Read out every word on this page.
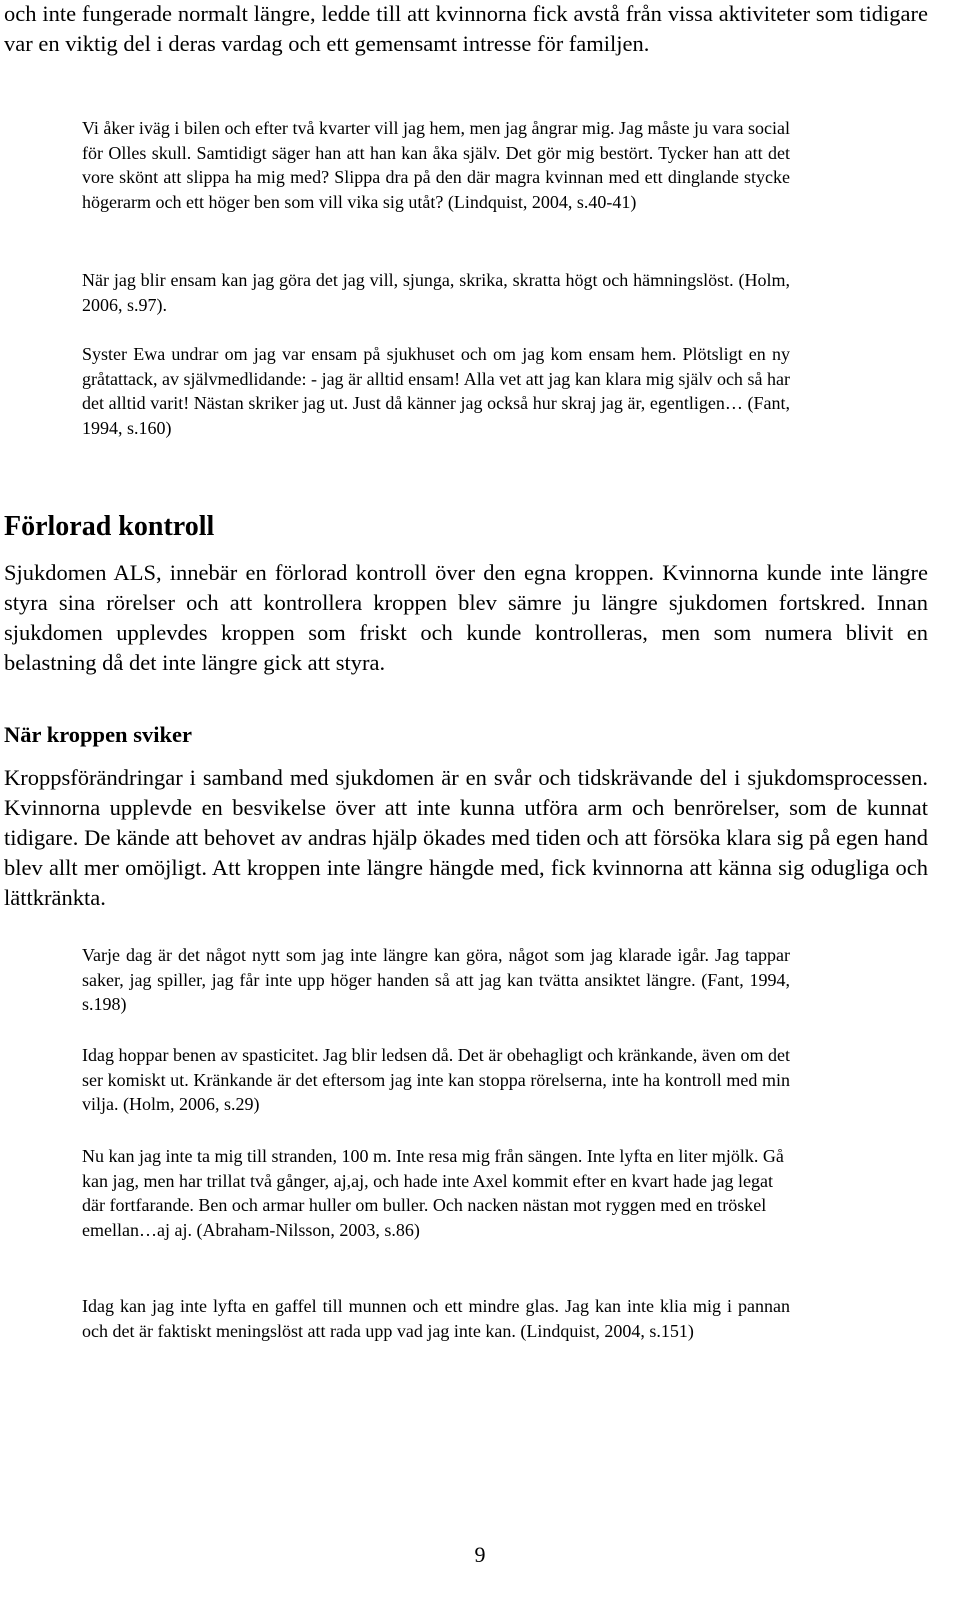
och inte fungerade normalt längre, ledde till att kvinnorna fick avstå från vissa aktiviteter som tidigare var en viktig del i deras vardag och ett gemensamt intresse för familjen.

Vi åker iväg i bilen och efter två kvarter vill jag hem, men jag ångrar mig. Jag måste ju vara social för Olles skull. Samtidigt säger han att han kan åka själv. Det gör mig bestört. Tycker han att det vore skönt att slippa ha mig med? Slippa dra på den där magra kvinnan med ett dinglande stycke högerarm och ett höger ben som vill vika sig utåt? (Lindquist, 2004, s.40-41)

När jag blir ensam kan jag göra det jag vill, sjunga, skrika, skratta högt och hämningslöst. (Holm, 2006, s.97).

Syster Ewa undrar om jag var ensam på sjukhuset och om jag kom ensam hem. Plötsligt en ny gråtattack, av självmedlidande: - jag är alltid ensam! Alla vet att jag kan klara mig själv och så har det alltid varit! Nästan skriker jag ut. Just då känner jag också hur skraj jag är, egentligen… (Fant, 1994, s.160)

Förlorad kontroll

Sjukdomen ALS, innebär en förlorad kontroll över den egna kroppen. Kvinnorna kunde inte längre styra sina rörelser och att kontrollera kroppen blev sämre ju längre sjukdomen fortskred. Innan sjukdomen upplevdes kroppen som friskt och kunde kontrolleras, men som numera blivit en belastning då det inte längre gick att styra.

När kroppen sviker

Kroppsförändringar i samband med sjukdomen är en svår och tidskrävande del i sjukdomsprocessen. Kvinnorna upplevde en besvikelse över att inte kunna utföra arm och benrörelser, som de kunnat tidigare. De kände att behovet av andras hjälp ökades med tiden och att försöka klara sig på egen hand blev allt mer omöjligt. Att kroppen inte längre hängde med, fick kvinnorna att känna sig odugliga och lättkränkta.

Varje dag är det något nytt som jag inte längre kan göra, något som jag klarade igår. Jag tappar saker, jag spiller, jag får inte upp höger handen så att jag kan tvätta ansiktet längre. (Fant, 1994, s.198)

Idag hoppar benen av spasticitet. Jag blir ledsen då. Det är obehagligt och kränkande, även om det ser komiskt ut. Kränkande är det eftersom jag inte kan stoppa rörelserna, inte ha kontroll med min vilja. (Holm, 2006, s.29)

Nu kan jag inte ta mig till stranden, 100 m. Inte resa mig från sängen. Inte lyfta en liter mjölk. Gå kan jag, men har trillat två gånger, aj,aj, och hade inte Axel kommit efter en kvart hade jag legat där fortfarande. Ben och armar huller om buller. Och nacken nästan mot ryggen med en tröskel emellan…aj aj. (Abraham-Nilsson, 2003, s.86)

Idag kan jag inte lyfta en gaffel till munnen och ett mindre glas. Jag kan inte klia mig i pannan och det är faktiskt meningslöst att rada upp vad jag inte kan. (Lindquist, 2004, s.151)

9
